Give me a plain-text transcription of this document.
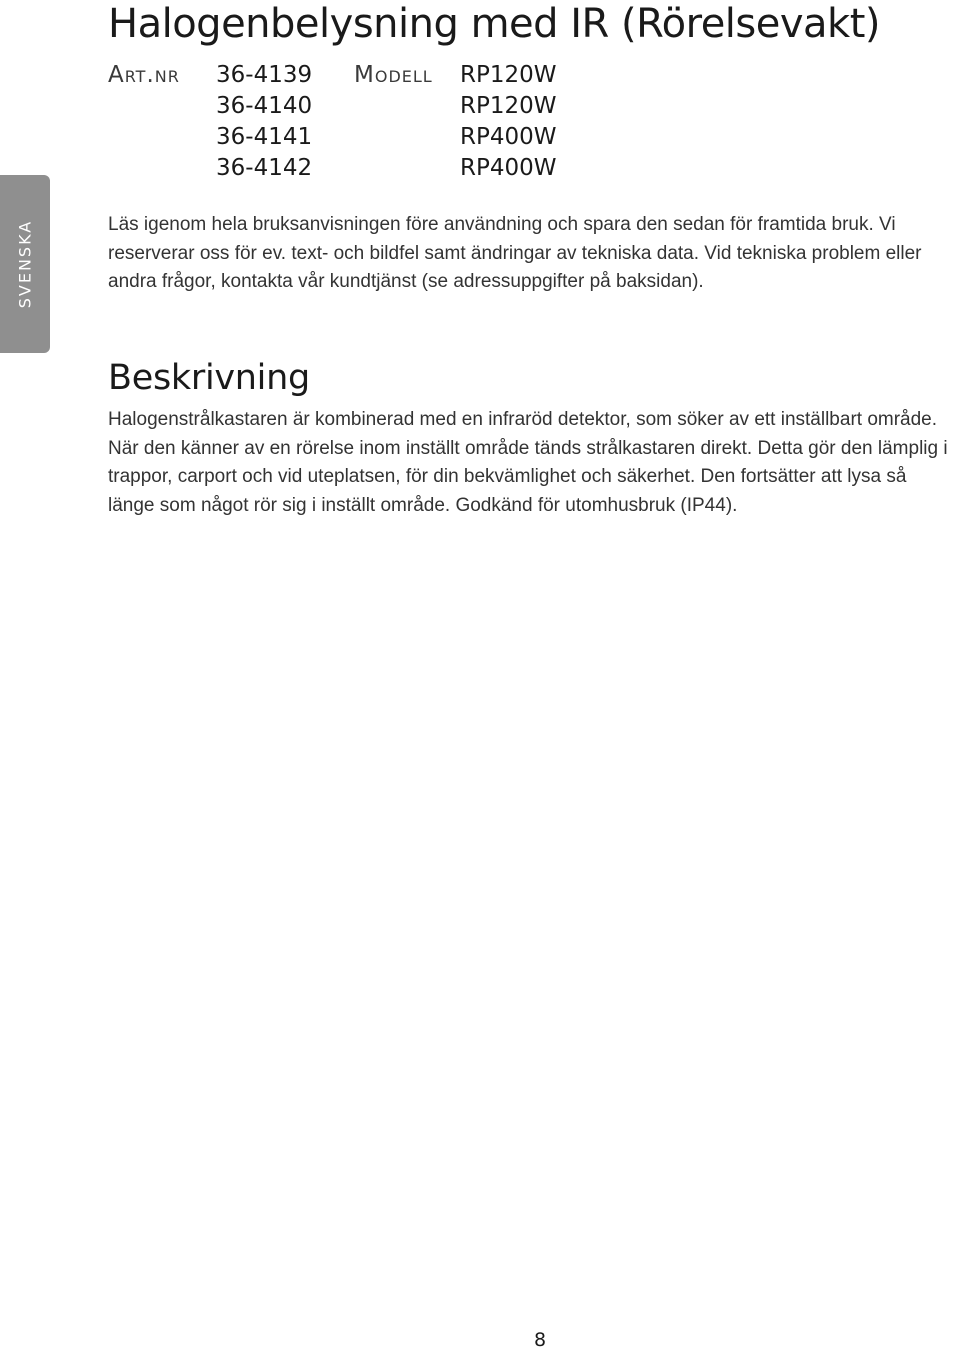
Halogenbelysning med IR (Rörelsevakt)
Art.nr 36-4139 Modell RP120W
36-4140	RP120W
36-4141	RP400W
36-4142	RP400W
SVENSKA	Läs igenom hela bruksanvisningen före användning och spara den sedan för framtida bruk. Vi reserverar oss för ev. text- och bildfel samt ändringar av tekniska data. Vid tekniska problem eller andra frågor, kontakta vår kundtjänst (se adressuppgifter på baksidan).

Beskrivning

Halogenstrålkastaren är kombinerad med en infraröd detektor, som söker av ett inställbart område. När den känner av en rörelse inom inställt område tänds strålkastaren direkt. Detta gör den lämplig i trappor, carport och vid uteplatsen, för din bekvämlighet och säkerhet. Den fortsätter att lysa så länge som något rör sig i inställt område. Godkänd för utomhusbruk (IP44).

8
